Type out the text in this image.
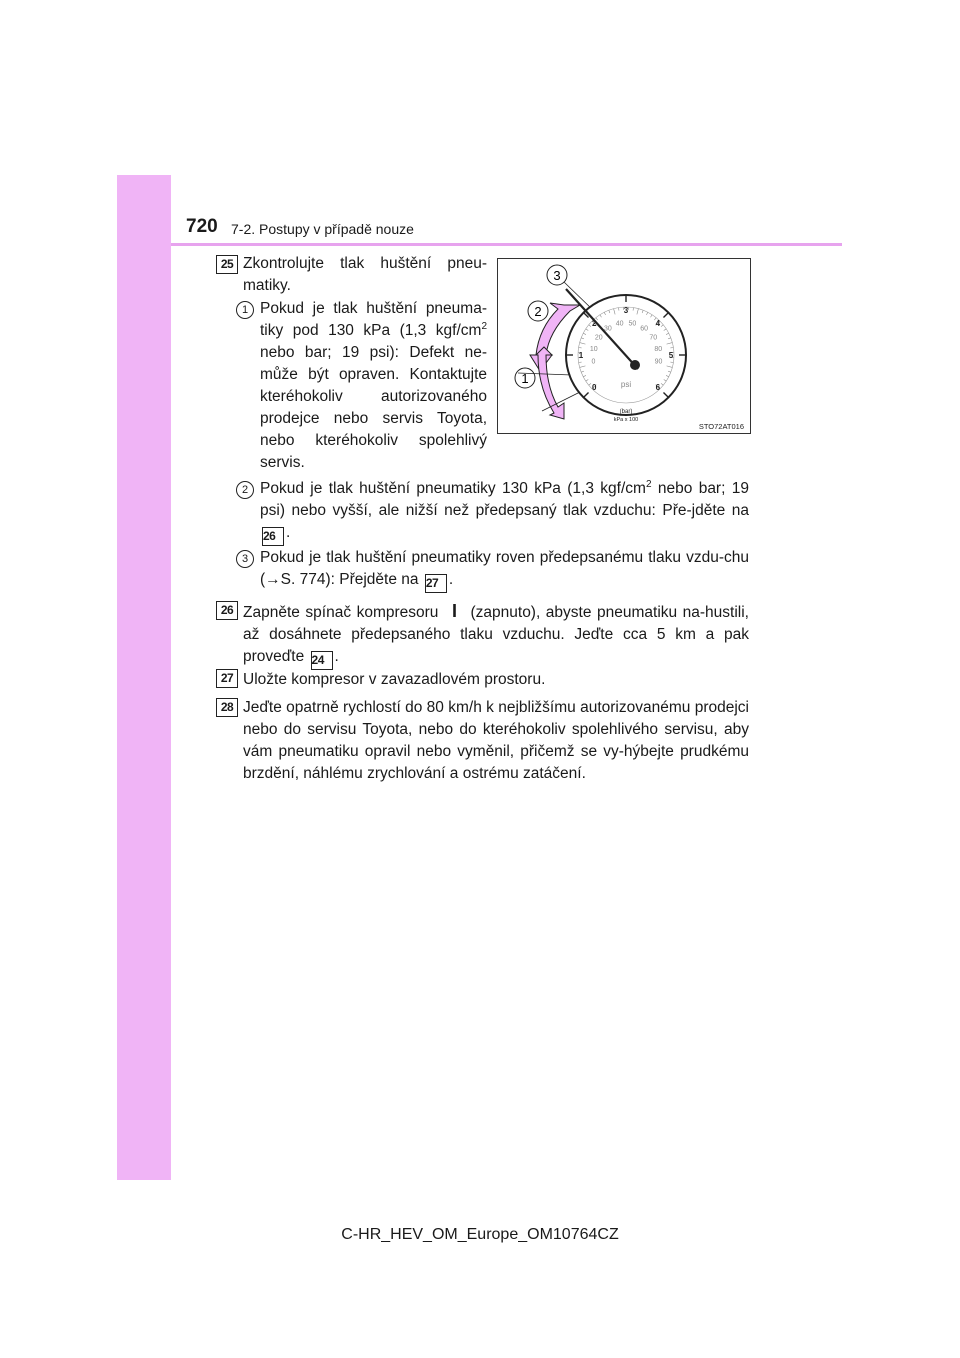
720 7-2. Postupy v případě nouze
25 Zkontrolujte tlak huštění pneu-matiky.
1 Pokud je tlak huštění pneuma-tiky pod 130 kPa (1,3 kgf/$cm^2$ nebo bar; 19 psi): Defekt ne-může být opraven. Kontaktujte kteréhokoliv autorizovaného prodejce nebo servis Toyota, nebo kteréhokoliv spolehlivý servis.
2 Pokud je tlak huštění pneumatiky 130 kPa (1,3 kgf/$cm^2$ nebo bar; 19 psi) nebo vyšší, ale nižší než předepsaný tlak vzduchu: Pře-jděte na 26 .
3 Pokud je tlak huštění pneumatiky roven předepsanému tlaku vzdu-chu (→S. 774): Přejděte na 27 .
26 Zapněte spínač kompresoru I (zapnuto), abyste pneumatiku na-hustili, až dosáhnete předepsaného tlaku vzduchu. Jeďte cca 5 km a pak proveďte 24 .
27 Uložte kompresor v zavazadlovém prostoru.
28 Jeďte opatrně rychlostí do 80 km/h k nejbližšímu autorizovanému prodejci nebo do servisu Toyota, nebo do kteréhokoliv spolehlivého servisu, aby vám pneumatiku opravil nebo vyměnil, přičemž se vy-hýbejte prudkému brzdění, náhlému zrychlování a ostrému zatáčení.
3
2
1
0
1
2
3
4
5
6
0
10
20
30
40 50
60
70
80
90
psi
(bar)
kPa x 100
STO72AT016
C-HR_HEV_OM_Europe_OM10764CZ
